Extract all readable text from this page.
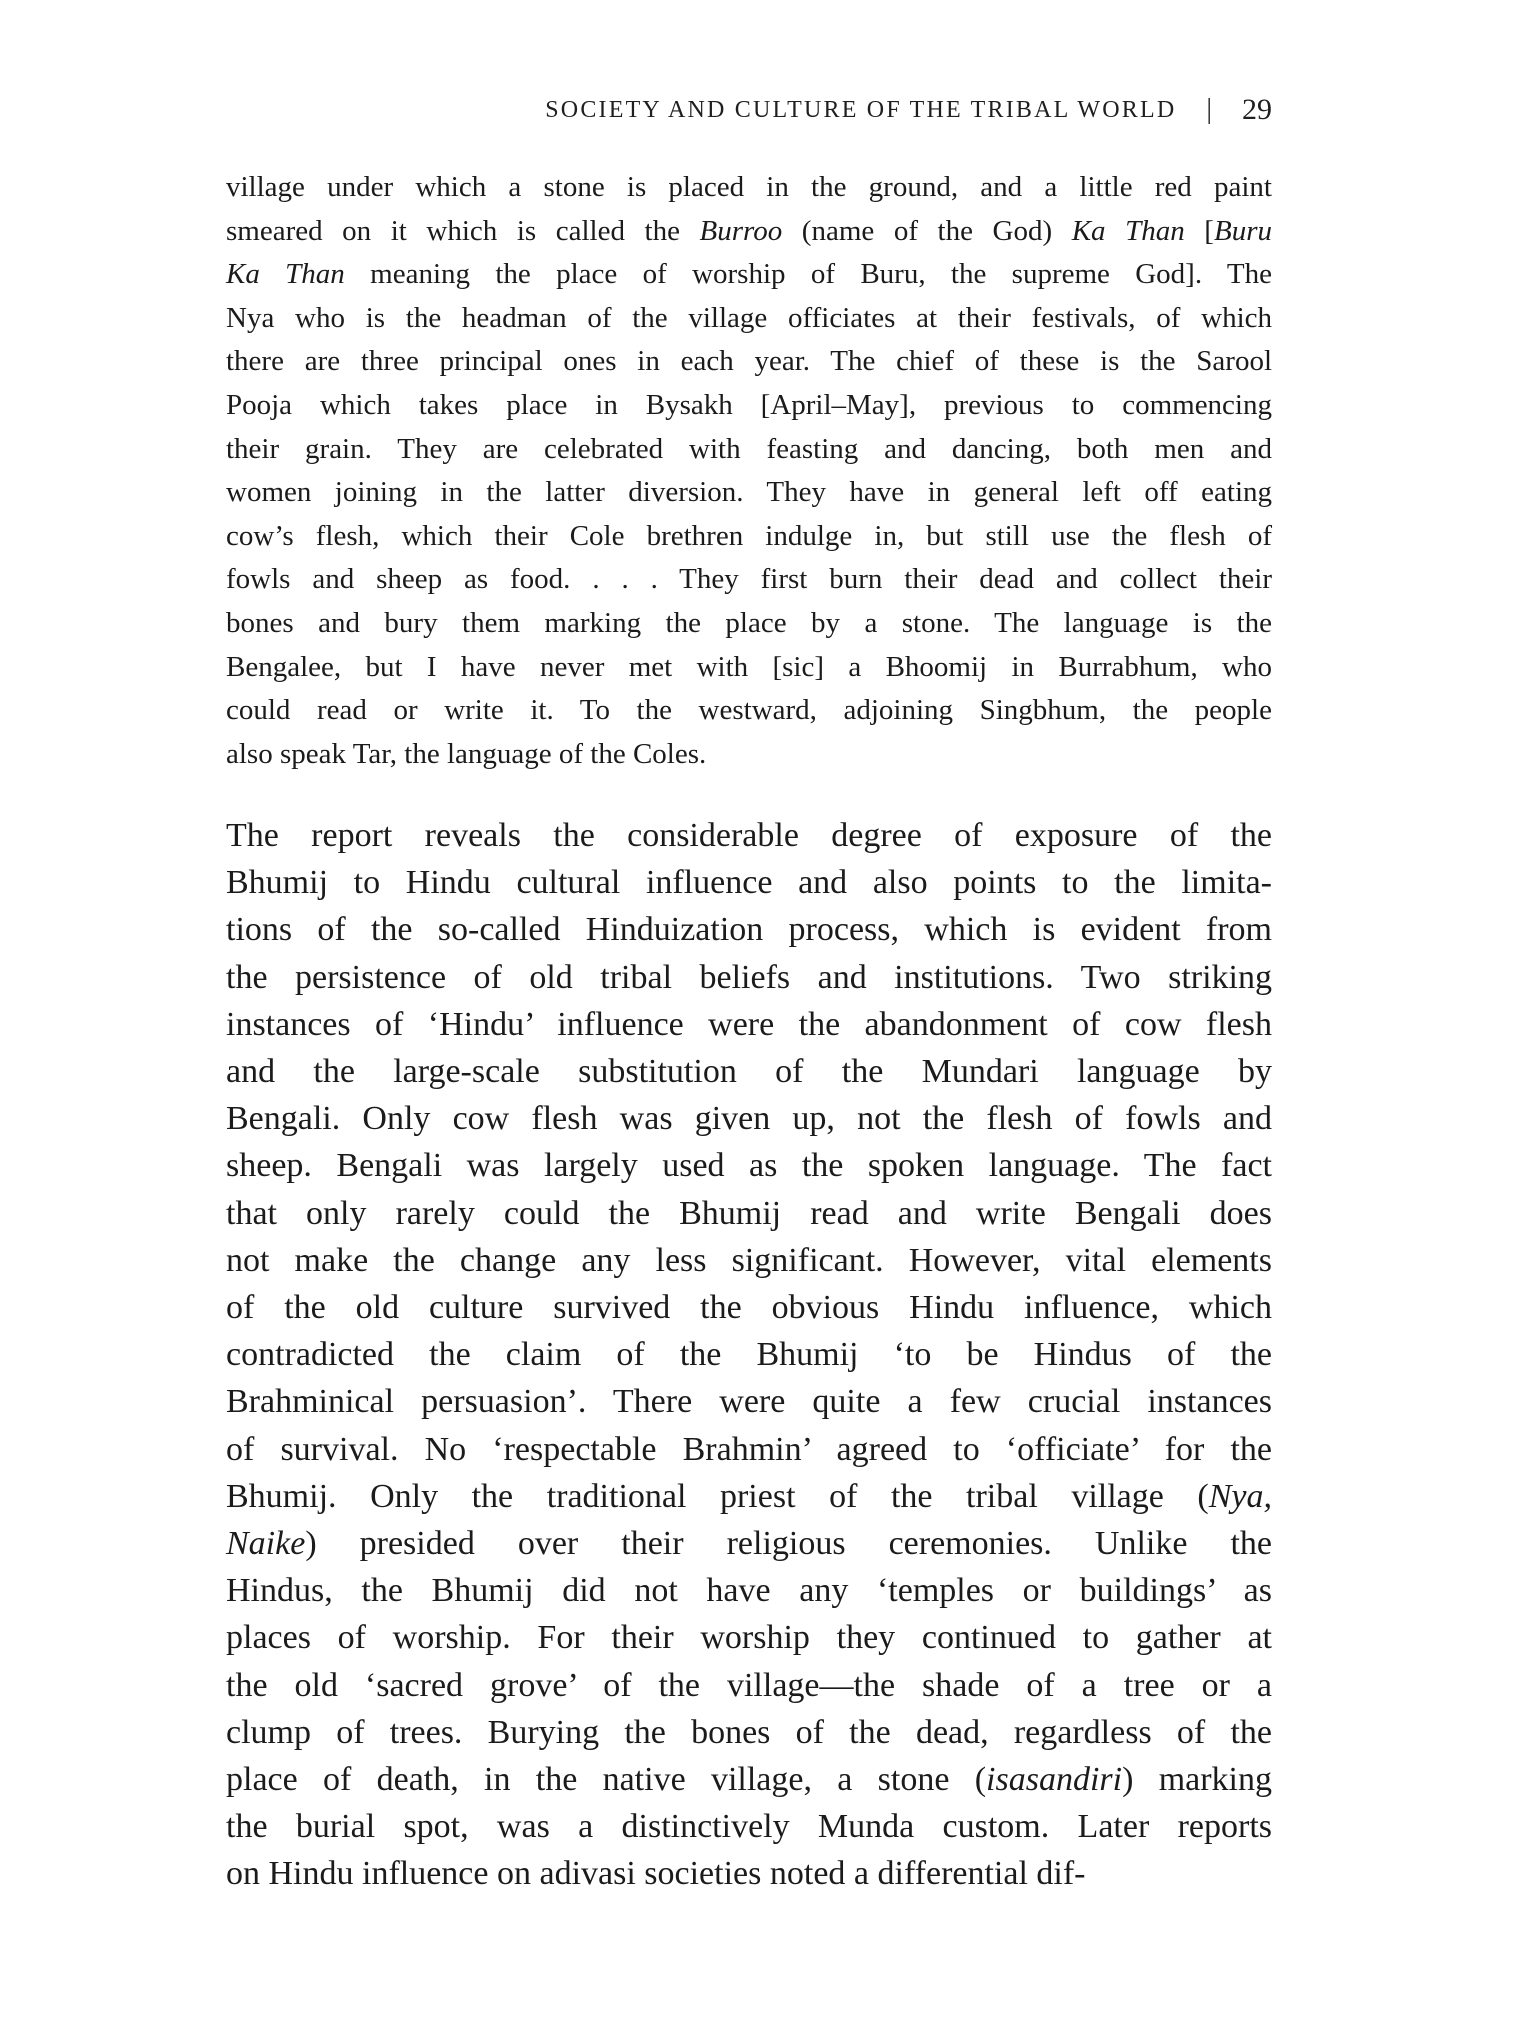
SOCIETY AND CULTURE OF THE TRIBAL WORLD | 29
village under which a stone is placed in the ground, and a little red paint
smeared on it which is called the Burroo (name of the God) Ka Than [Buru
Ka Than meaning the place of worship of Buru, the supreme God]. The
Nya who is the headman of the village officiates at their festivals, of which
there are three principal ones in each year. The chief of these is the Sarool
Pooja which takes place in Bysakh [April–May], previous to commencing
their grain. They are celebrated with feasting and dancing, both men and
women joining in the latter diversion. They have in general left off eating
cow’s flesh, which their Cole brethren indulge in, but still use the flesh of
fowls and sheep as food. . . . They first burn their dead and collect their
bones and bury them marking the place by a stone. The language is the
Bengalee, but I have never met with [sic] a Bhoomij in Burrabhum, who
could read or write it. To the westward, adjoining Singbhum, the people
also speak Tar, the language of the Coles.
The report reveals the considerable degree of exposure of the
Bhumij to Hindu cultural influence and also points to the limita-
tions of the so-called Hinduization process, which is evident from
the persistence of old tribal beliefs and institutions. Two striking
instances of ‘Hindu’ influence were the abandonment of cow flesh
and the large-scale substitution of the Mundari language by
Bengali. Only cow flesh was given up, not the flesh of fowls and
sheep. Bengali was largely used as the spoken language. The fact
that only rarely could the Bhumij read and write Bengali does
not make the change any less significant. However, vital elements
of the old culture survived the obvious Hindu influence, which
contradicted the claim of the Bhumij ‘to be Hindus of the
Brahminical persuasion’. There were quite a few crucial instances
of survival. No ‘respectable Brahmin’ agreed to ‘officiate’ for the
Bhumij. Only the traditional priest of the tribal village (Nya,
Naike) presided over their religious ceremonies. Unlike the
Hindus, the Bhumij did not have any ‘temples or buildings’ as
places of worship. For their worship they continued to gather at
the old ‘sacred grove’ of the village—the shade of a tree or a
clump of trees. Burying the bones of the dead, regardless of the
place of death, in the native village, a stone (isasandiri) marking
the burial spot, was a distinctively Munda custom. Later reports
on Hindu influence on adivasi societies noted a differential dif-
